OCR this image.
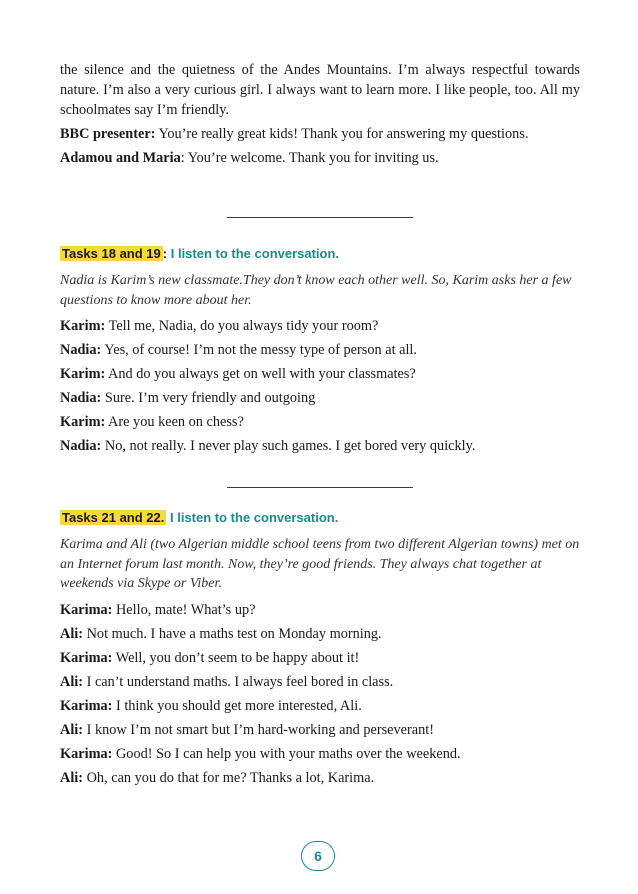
the silence and the quietness of the Andes Mountains. I’m always respectful towards nature. I’m also a very curious girl. I always want to learn more. I like people, too. All my schoolmates say I’m friendly.

BBC presenter: You’re really great kids! Thank you for answering my questions.
Adamou and Maria: You’re welcome. Thank you for inviting us.
Tasks 18 and 19 : I listen to the conversation.

Nadia is Karim’s new classmate.They don’t know each other well. So, Karim asks her a few questions to know more about her.

Karim: Tell me, Nadia, do you always tidy your room?
Nadia: Yes, of course! I’m not the messy type of person at all.
Karim: And do you always get on well with your classmates?
Nadia: Sure. I’m very friendly and outgoing
Karim: Are you keen on chess?
Nadia: No, not really. I never play such games. I get bored very quickly.
Tasks 21 and 22. I listen to the conversation.

Karima and Ali (two Algerian middle school teens from two different Algerian towns) met on an Internet forum last month. Now, they’re good friends. They always chat together at weekends via Skype or Viber.

Karima: Hello, mate! What’s up?
Ali: Not much. I have a maths test on Monday morning.
Karima: Well, you don’t seem to be happy about it!
Ali: I can’t understand maths. I always feel bored in class.
Karima: I think you should get more interested, Ali.
Ali: I know I’m not smart but I’m hard-working and perseverant!
Karima: Good! So I can help you with your maths over the weekend.
Ali: Oh, can you do that for me? Thanks a lot, Karima.
6
